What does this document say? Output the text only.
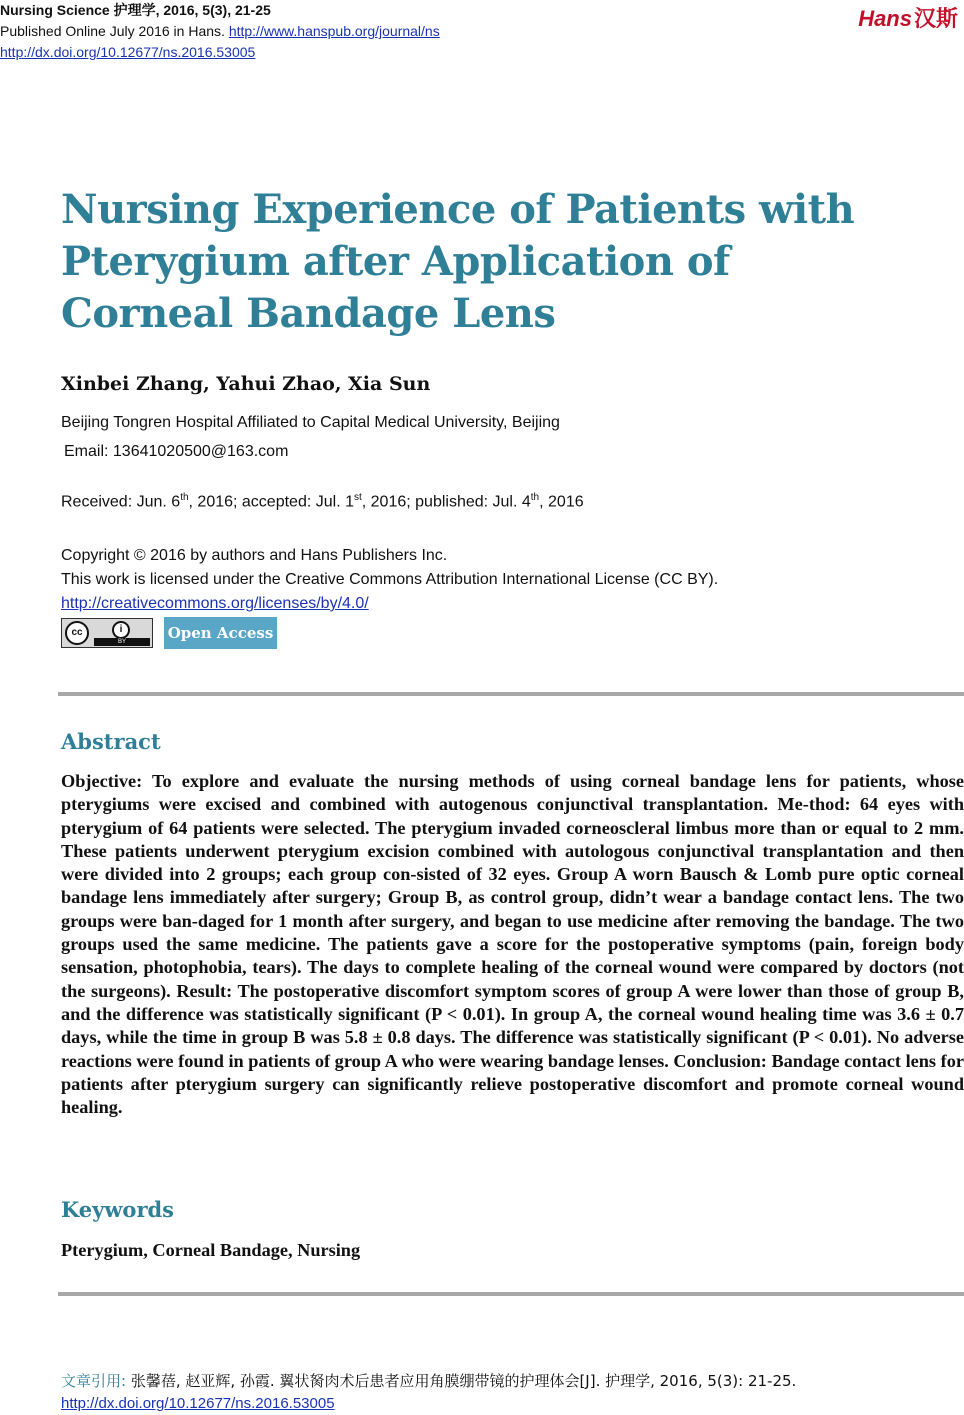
Nursing Science 护理学, 2016, 5(3), 21-25
Published Online July 2016 in Hans. http://www.hanspub.org/journal/ns
http://dx.doi.org/10.12677/ns.2016.53005
Hans汉斯
Nursing Experience of Patients with
Pterygium after Application of
Corneal Bandage Lens
Xinbei Zhang, Yahui Zhao, Xia Sun
Beijing Tongren Hospital Affiliated to Capital Medical University, Beijing
Email: 13641020500@163.com
Received: Jun. 6th, 2016; accepted: Jul. 1st, 2016; published: Jul. 4th, 2016
Copyright © 2016 by authors and Hans Publishers Inc.
This work is licensed under the Creative Commons Attribution International License (CC BY).
http://creativecommons.org/licenses/by/4.0/
cc	i
BY	Open Access
Abstract

Objective: To explore and evaluate the nursing methods of using corneal bandage lens for patients, whose pterygiums were excised and combined with autogenous conjunctival transplantation. Me-thod: 64 eyes with pterygium of 64 patients were selected. The pterygium invaded corneoscleral limbus more than or equal to 2 mm. These patients underwent pterygium excision combined with autologous conjunctival transplantation and then were divided into 2 groups; each group con-sisted of 32 eyes. Group A worn Bausch & Lomb pure optic corneal bandage lens immediately after surgery; Group B, as control group, didn’t wear a bandage contact lens. The two groups were ban-daged for 1 month after surgery, and began to use medicine after removing the bandage. The two groups used the same medicine. The patients gave a score for the postoperative symptoms (pain, foreign body sensation, photophobia, tears). The days to complete healing of the corneal wound were compared by doctors (not the surgeons). Result: The postoperative discomfort symptom scores of group A were lower than those of group B, and the difference was statistically significant (P < 0.01). In group A, the corneal wound healing time was 3.6 ± 0.7 days, while the time in group B was 5.8 ± 0.8 days. The difference was statistically significant (P < 0.01). No adverse reactions were found in patients of group A who were wearing bandage lenses. Conclusion: Bandage contact lens for patients after pterygium surgery can significantly relieve postoperative discomfort and promote corneal wound healing.

Keywords
Pterygium, Corneal Bandage, Nursing
文章引用: 张馨蓓, 赵亚辉, 孙霞. 翼状胬肉术后患者应用角膜绷带镜的护理体会[J]. 护理学, 2016, 5(3): 21-25.
http://dx.doi.org/10.12677/ns.2016.53005
